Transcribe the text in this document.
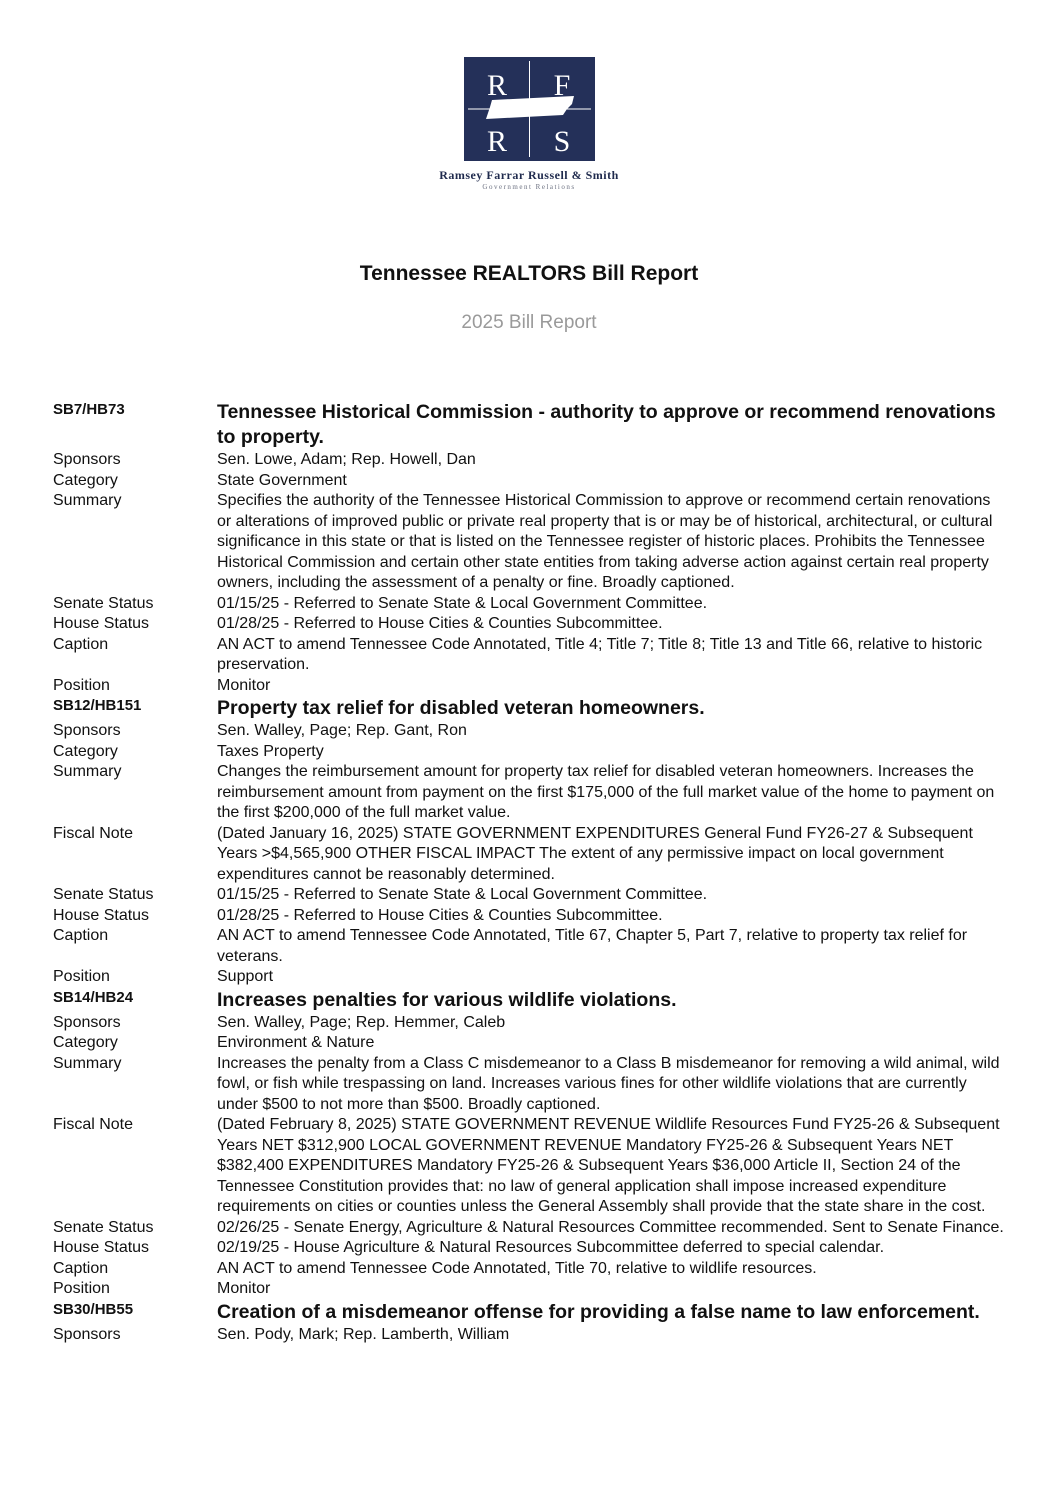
R F
R S
Ramsey Farrar Russell & Smith
Government Relations
Tennessee REALTORS Bill Report
2025 Bill Report
SB7/HB73	Tennessee Historical Commission - authority to approve or recommend renovations to property.
Sponsors	Sen. Lowe, Adam; Rep. Howell, Dan
Category	State Government
Summary	Specifies the authority of the Tennessee Historical Commission to approve or recommend certain renovations or alterations of improved public or private real property that is or may be of historical, architectural, or cultural significance in this state or that is listed on the Tennessee register of historic places. Prohibits the Tennessee Historical Commission and certain other state entities from taking adverse action against certain real property owners, including the assessment of a penalty or fine. Broadly captioned.
Senate Status	01/15/25 - Referred to Senate State & Local Government Committee.
House Status	01/28/25 - Referred to House Cities & Counties Subcommittee.
Caption	AN ACT to amend Tennessee Code Annotated, Title 4; Title 7; Title 8; Title 13 and Title 66, relative to historic preservation.
Position	Monitor
SB12/HB151	Property tax relief for disabled veteran homeowners.
Sponsors	Sen. Walley, Page; Rep. Gant, Ron
Category	Taxes Property
Summary	Changes the reimbursement amount for property tax relief for disabled veteran homeowners. Increases the reimbursement amount from payment on the first $175,000 of the full market value of the home to payment on the first $200,000 of the full market value.
Fiscal Note	(Dated January 16, 2025) STATE GOVERNMENT EXPENDITURES General Fund FY26-27 & Subsequent Years >$4,565,900 OTHER FISCAL IMPACT The extent of any permissive impact on local government expenditures cannot be reasonably determined.
Senate Status	01/15/25 - Referred to Senate State & Local Government Committee.
House Status	01/28/25 - Referred to House Cities & Counties Subcommittee.
Caption	AN ACT to amend Tennessee Code Annotated, Title 67, Chapter 5, Part 7, relative to property tax relief for veterans.
Position	Support
SB14/HB24	Increases penalties for various wildlife violations.
Sponsors	Sen. Walley, Page; Rep. Hemmer, Caleb
Category	Environment & Nature
Summary	Increases the penalty from a Class C misdemeanor to a Class B misdemeanor for removing a wild animal, wild fowl, or fish while trespassing on land. Increases various fines for other wildlife violations that are currently under $500 to not more than $500. Broadly captioned.
Fiscal Note	(Dated February 8, 2025) STATE GOVERNMENT REVENUE Wildlife Resources Fund FY25-26 & Subsequent Years NET $312,900 LOCAL GOVERNMENT REVENUE Mandatory FY25-26 & Subsequent Years NET $382,400 EXPENDITURES Mandatory FY25-26 & Subsequent Years $36,000 Article II, Section 24 of the Tennessee Constitution provides that: no law of general application shall impose increased expenditure requirements on cities or counties unless the General Assembly shall provide that the state share in the cost.
Senate Status	02/26/25 - Senate Energy, Agriculture & Natural Resources Committee recommended. Sent to Senate Finance.
House Status	02/19/25 - House Agriculture & Natural Resources Subcommittee deferred to special calendar.
Caption	AN ACT to amend Tennessee Code Annotated, Title 70, relative to wildlife resources.
Position	Monitor
SB30/HB55	Creation of a misdemeanor offense for providing a false name to law enforcement.
Sponsors	Sen. Pody, Mark; Rep. Lamberth, William
